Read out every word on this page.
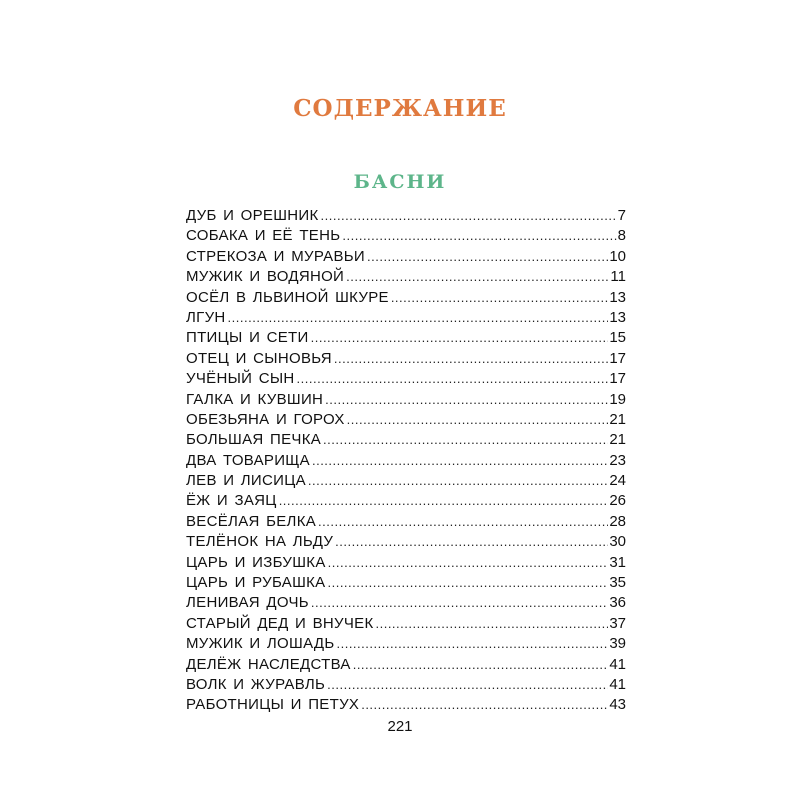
СОДЕРЖАНИЕ
БАСНИ
ДУБ И ОРЕШНИК .....	7
СОБАКА И ЕЁ ТЕНЬ .....	8
СТРЕКОЗА И МУРАВЬИ .....	10
МУЖИК И ВОДЯНОЙ .....	11
ОСЁЛ В ЛЬВИНОЙ ШКУРЕ .....	13
ЛГУН .....	13
ПТИЦЫ И СЕТИ .....	15
ОТЕЦ И СЫНОВЬЯ .....	17
УЧЁНЫЙ СЫН .....	17
ГАЛКА И КУВШИН .....	19
ОБЕЗЬЯНА И ГОРОХ .....	21
БОЛЬШАЯ ПЕЧКА .....	21
ДВА ТОВАРИЩА .....	23
ЛЕВ И ЛИСИЦА .....	24
ЁЖ И ЗАЯЦ .....	26
ВЕСЁЛАЯ БЕЛКА .....	28
ТЕЛЁНОК НА ЛЬДУ .....	30
ЦАРЬ И ИЗБУШКА .....	31
ЦАРЬ И РУБАШКА .....	35
ЛЕНИВАЯ ДОЧЬ .....	36
СТАРЫЙ ДЕД И ВНУЧЕК .....	37
МУЖИК И ЛОШАДЬ .....	39
ДЕЛЁЖ НАСЛЕДСТВА .....	41
ВОЛК И ЖУРАВЛЬ .....	41
РАБОТНИЦЫ И ПЕТУХ .....	43
221
